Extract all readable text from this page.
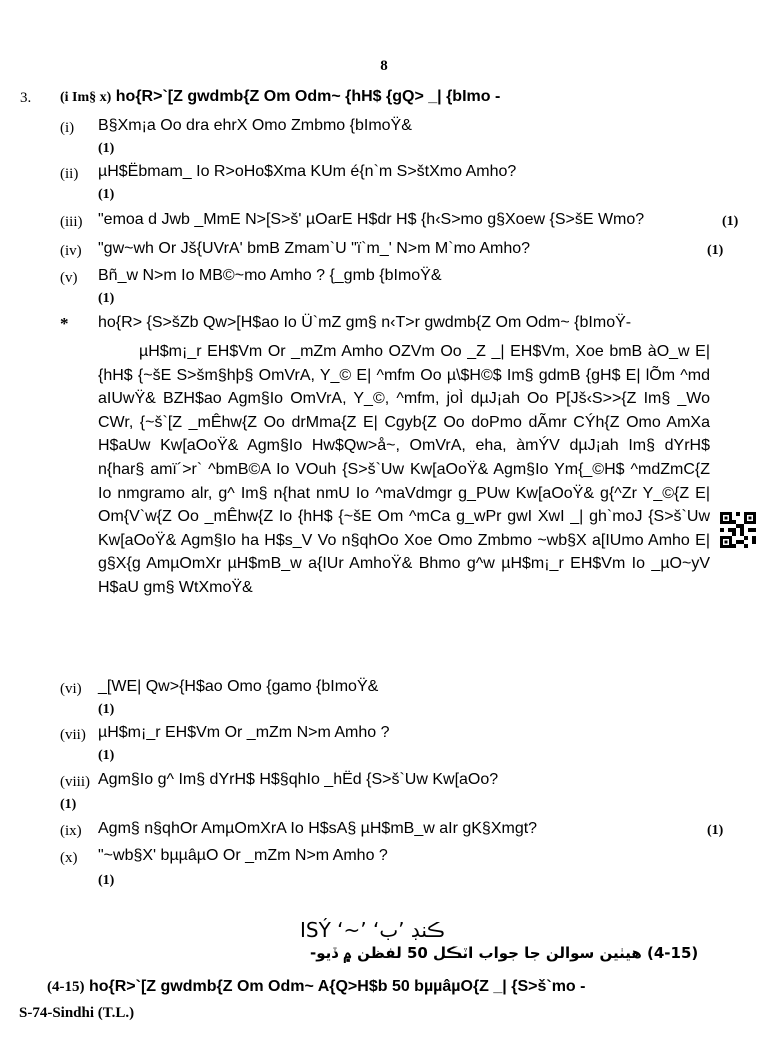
8
3. (i Im§ x) ho{R>`[Z gwdmb{Z Om Odm~ {hH$ {gQ> _| {bImo -
(i) B§Xm¡a Oo dra ehrX Omo Zmbmo {bImoŸ&
(1)
(ii) µH$Ëbmam_ Io R>oHo$Xma KUm é{n`m S>štXmo Amho?
(1)
(iii) "emoa d Jwb _MmE N>[S>š' µOarE H$dr H$ {h‹S>mo g§Xoew {S>šE Wmo?	(1)
(iv) "gw~wh Or Jš{UVrA' bmB Zmam`U "ï`m_' N>m M`mo Amho?	(1)
(v) Bñ_w N>m Io MB©~mo Amho ? {_gmb {bImoŸ&
(1)
* ho{R> {S>šZb Qw>[H$ao Io Ü`mZ gm§ n‹T>r gwdmb{Z Om Odm~ {bImoŸ-
µH$m¡_r EH$Vm Or _mZm Amho OZVm Oo _Z _| EH$Vm, Xoe bmB àO_w E| {hH$ {~šE S>šm§hþ§ OmVrA, Y_© E| ^mfm Oo µ\$H©$ Im§ gdmB {gH$ E| lÕm ^md aIUwŸ& BZH$ao Agm§Io OmVrA, Y_©, ^mfm, joÌ dµJ¡ah Oo P[Jš‹S>>{Z Im§ _Wo CWr, {~š`[Z _mÊhw{Z Oo drMma{Z E| Cgyb{Z Oo doPmo dÃmr CÝh{Z Omo AmXa H$aUw Kw[aOoŸ& Agm§Io Hw$Qw>å~, OmVrA, eha, àmÝV dµJ¡ah Im§ dYrH$ n{har§ amï´>r` ^bmB©A Io VOuh {S>š`Uw Kw[aOoŸ& Agm§Io Ym{_©H$ ^mdZmC{Z Io nmgramo alr, g^ Im§ n{hat nmU Io ^maVdmgr g_PUw Kw[aOoŸ& g{^Zr Y_©{Z E| Om{V`w{Z Oo _mÊhw{Z Io {hH$ {~šE Om ^mCa g_wPr gwI XwI _| gh`moJ {S>š`Uw Kw[aOoŸ& Agm§Io ha H$s_V Vo n§qhOo Xoe Omo Zmbmo ~wb§X a[IUmo Amho E| g§X{g AmµOmXr µH$mB_w a{IUr AmhoŸ& Bhmo g^w µH$m¡_r EH$Vm Io _µO~yV H$aU gm§ WtXmoŸ&
(vi) _[WE| Qw>{H$ao Omo {gamo {bImoŸ&
(1)
(vii) µH$m¡_r EH$Vm Or _mZm N>m Amho ?
(1)
(viii) Agm§Io g^ Im§ dYrH$ H$§qhIo _hËd {S>š`Uw Kw[aOo?
(1)
(ix) Agm§ n§qhOr AmµOmXrA Io H$sA§ µH$mB_w aIr gK§Xmgt?	(1)
(x) "~wb§X' bµµâµO Or _mZm N>m Amho ?
(1)
ڪنڊ ’ب‘ ’~‘ ISÝ
(4-15) هيٺين سوالن جا جواب اٽڪل 50 لفظن ۾ ڏيو-
(4-15) ho{R>`[Z gwdmb{Z Om Odm~ A{Q>H$b 50 bµµâµO{Z _| {S>š`mo -
S-74-Sindhi (T.L.)
